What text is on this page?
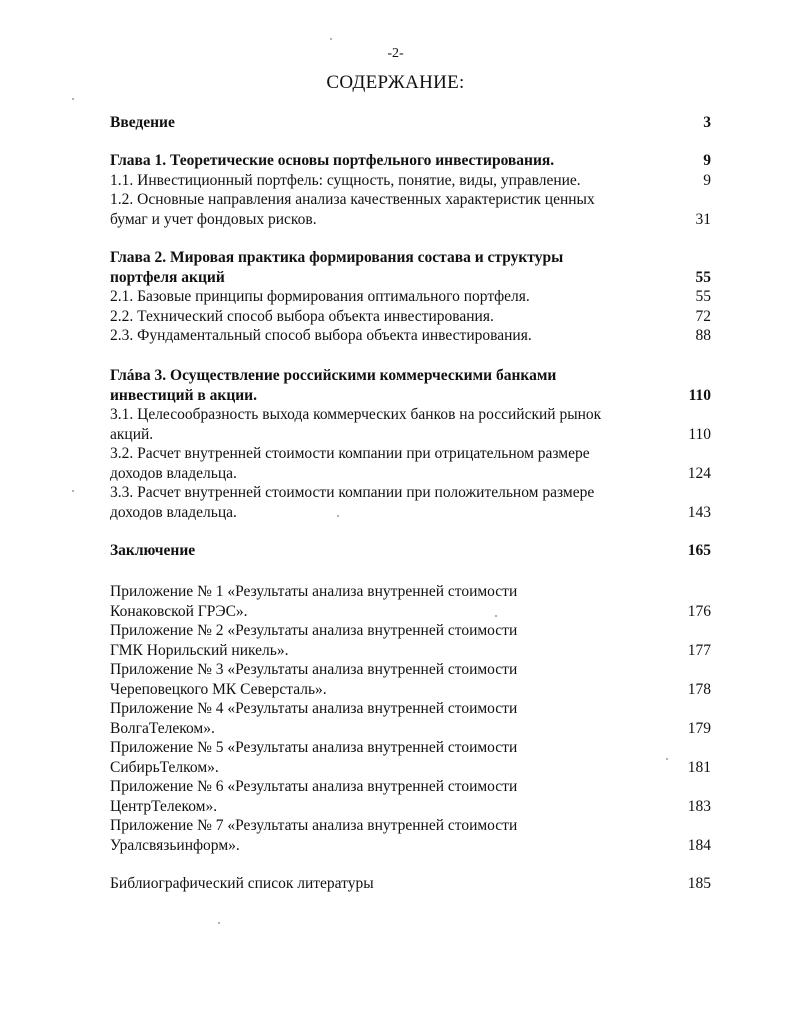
-2-
СОДЕРЖАНИЕ:
Введение	3
Глава 1. Теоретические основы портфельного инвестирования.	9
1.1. Инвестиционный портфель: сущность, понятие, виды, управление.	9
1.2. Основные направления анализа качественных характеристик ценных
бумаг и учет фондовых рисков.	31
Глава 2. Мировая практика формирования состава и структуры
портфеля акций	55
2.1. Базовые принципы формирования оптимального портфеля.	55
2.2. Технический способ выбора объекта инвестирования.	72
2.3. Фундаментальный способ выбора объекта инвестирования.	88
Глáва 3. Осуществление российскими коммерческими банками
инвестиций в акции.	110
3.1. Целесообразность выхода коммерческих банков на российский рынок
акций.	110
3.2. Расчет внутренней стоимости компании при отрицательном размере
доходов владельца.	124
3.3. Расчет внутренней стоимости компании при положительном размере
доходов владельца.	143
Заключение	165
Приложение № 1 «Результаты анализа внутренней стоимости
Конаковской ГРЭС».	176
Приложение № 2 «Результаты анализа внутренней стоимости
ГМК Норильский никель».	177
Приложение № 3 «Результаты анализа внутренней стоимости
Череповецкого МК Северсталь».	178
Приложение № 4 «Результаты анализа внутренней стоимости
ВолгаТелеком».	179
Приложение № 5 «Результаты анализа внутренней стоимости
СибирьТелком».	181
Приложение № 6 «Результаты анализа внутренней стоимости
ЦентрТелеком».	183
Приложение № 7 «Результаты анализа внутренней стоимости
Уралсвязьинформ».	184
Библиографический список литературы	185
